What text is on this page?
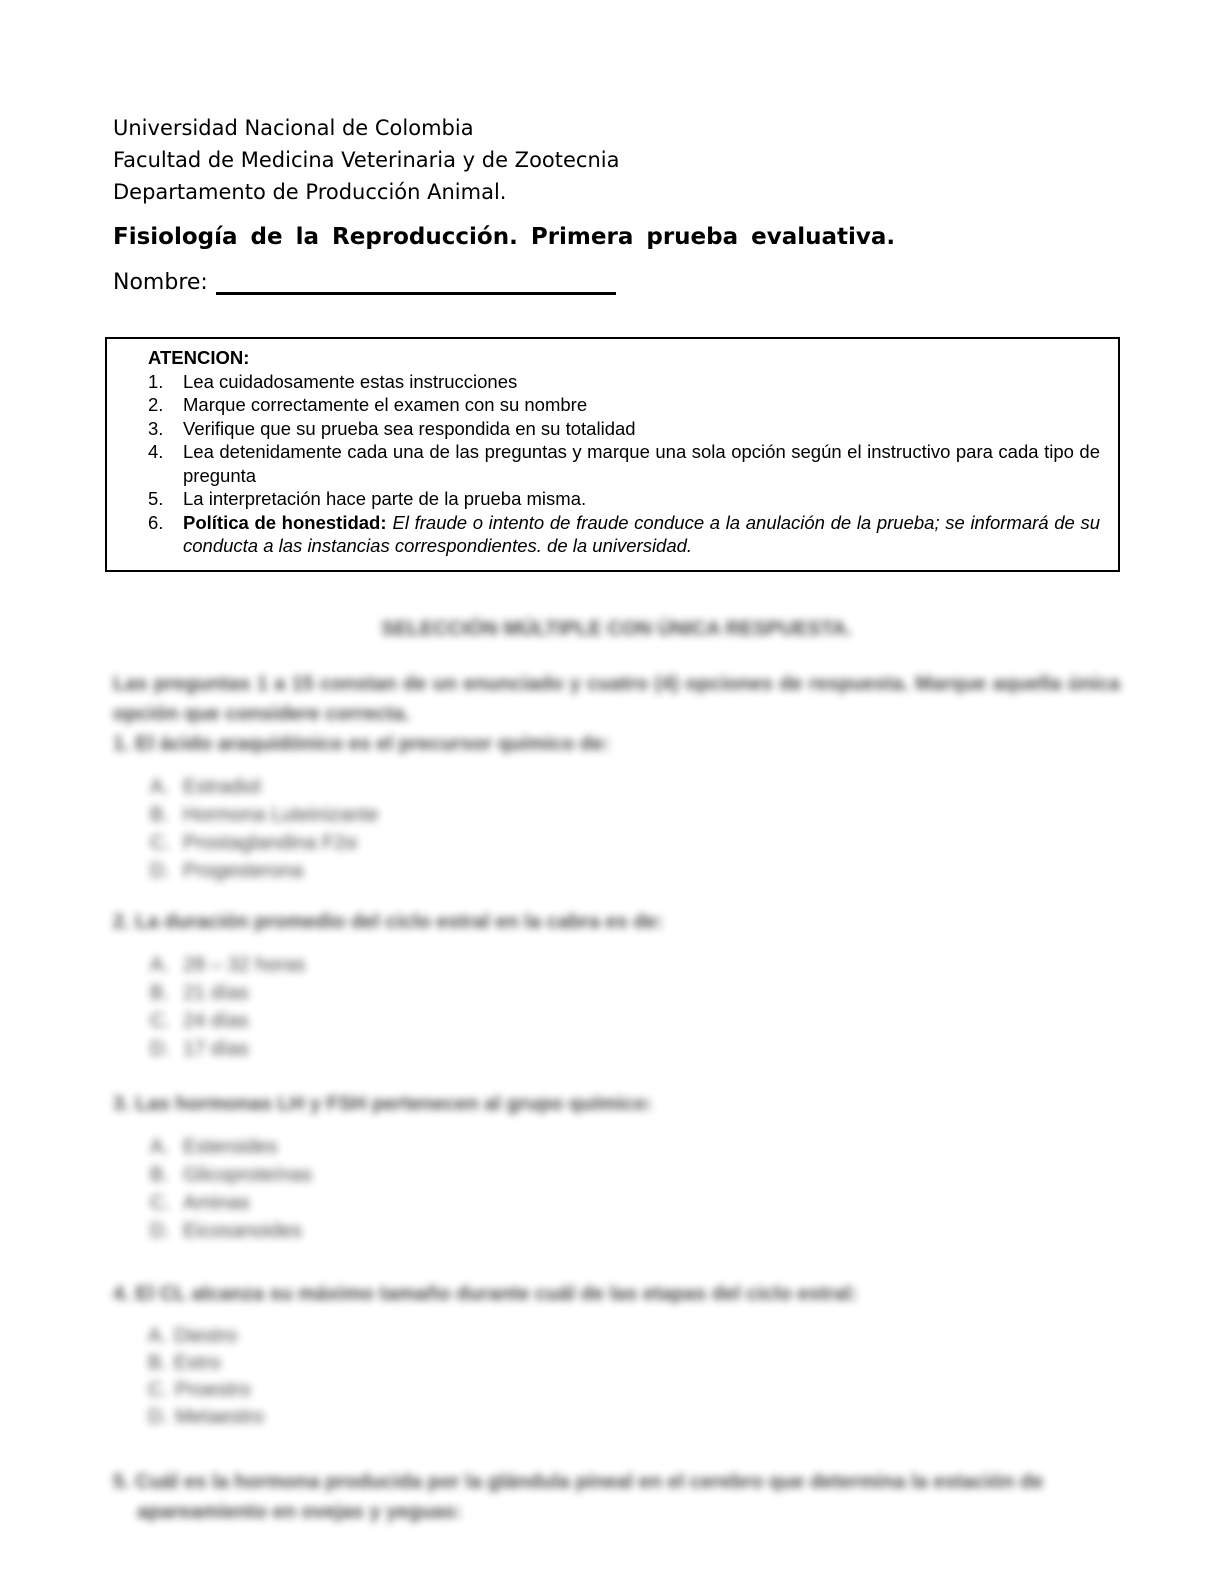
Universidad Nacional de Colombia
Facultad de Medicina Veterinaria y de Zootecnia
Departamento de Producción Animal.
Fisiología de la Reproducción. Primera prueba evaluativa.
Nombre:
ATENCION:
1.	Lea cuidadosamente estas instrucciones
2.	Marque correctamente el examen con su nombre
3.	Verifique que su prueba sea respondida en su totalidad
4.	Lea detenidamente cada una de las preguntas y marque una sola opción según el instructivo para cada tipo de pregunta
5.	La interpretación hace parte de la prueba misma.
6.	Política de honestidad: El fraude o intento de fraude conduce a la anulación de la prueba; se informará de su conducta a las instancias correspondientes. de la universidad.
SELECCIÓN MÚLTIPLE CON ÚNICA RESPUESTA.
Las preguntas 1 a 15 constan de un enunciado y cuatro (4) opciones de respuesta. Marque aquella única opción que considere correcta.
1. El ácido araquidónico es el precursor químico de:
A. Estradiol
B. Hormona Luteinizante
C. Prostaglandina F2α
D. Progesterona
2. La duración promedio del ciclo estral en la cabra es de:
A. 28 – 32 horas
B. 21 días
C. 24 días
D. 17 días
3. Las hormonas LH y FSH pertenecen al grupo químico:
A. Esteroides
B. Glicoproteínas
C. Aminas
D. Eicosanoides
4. El CL alcanza su máximo tamaño durante cuál de las etapas del ciclo estral:
A. Diestro
B. Estro
C. Proestro
D. Metaestro
5. Cuál es la hormona producida por la glándula pineal en el cerebro que determina la estación de apareamiento en ovejas y yeguas:
